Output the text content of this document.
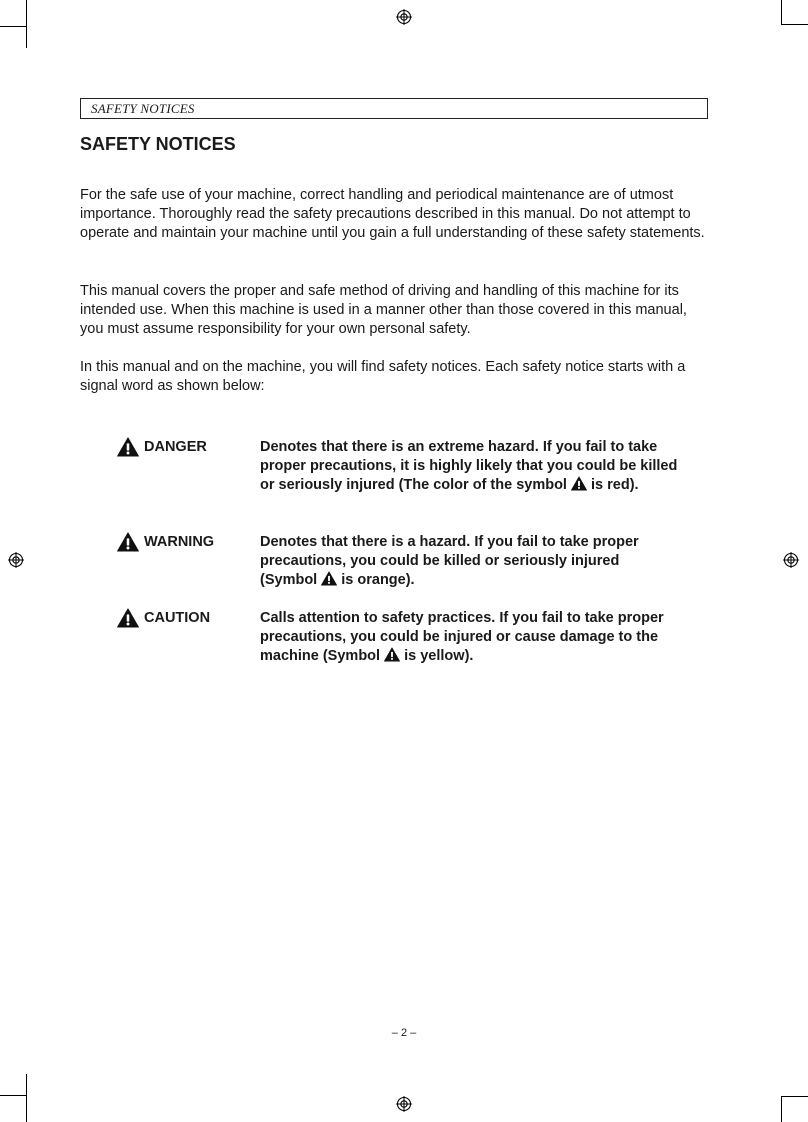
SAFETY NOTICES
SAFETY NOTICES

For the safe use of your machine, correct handling and periodical maintenance are of utmost importance. Thoroughly read the safety precautions described in this manual. Do not attempt to operate and maintain your machine until you gain a full understanding of these safety statements.

This manual covers the proper and safe method of driving and handling of this machine for its intended use. When this machine is used in a manner other than those covered in this manual, you must assume responsibility for your own personal safety.

In this manual and on the machine, you will find safety notices. Each safety notice starts with a signal word as shown below:

DANGER	Denotes that there is an extreme hazard. If you fail to take proper precautions, it is highly likely that you could be killed or seriously injured (The color of the symbol is red).

WARNING	Denotes that there is a hazard. If you fail to take proper precautions, you could be killed or seriously injured (Symbol is orange).

CAUTION	Calls attention to safety practices. If you fail to take proper precautions, you could be injured or cause damage to the machine (Symbol is yellow).

– 2 –
